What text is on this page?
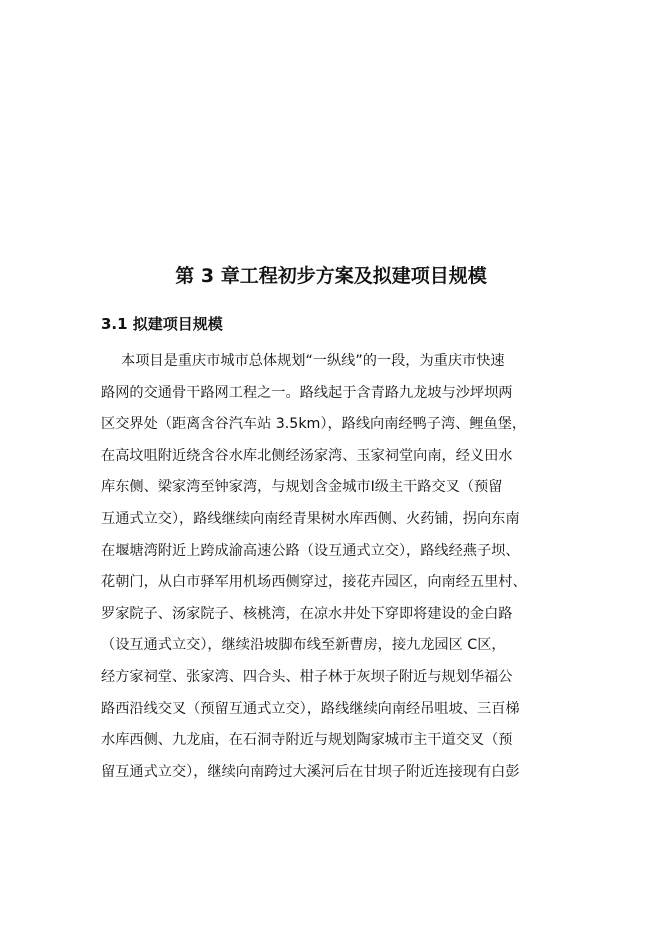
第 3 章工程初步方案及拟建项目规模
3.1 拟建项目规模
本项目是重庆市城市总体规划“一纵线”的一段，为重庆市快速
路网的交通骨干路网工程之一。路线起于含青路九龙坡与沙坪坝两
区交界处（距离含谷汽车站 3.5km），路线向南经鸭子湾、鲤鱼堡，
在高坟咀附近绕含谷水库北侧经汤家湾、玉家祠堂向南，经义田水
库东侧、梁家湾至钟家湾，与规划含金城市Ⅰ级主干路交叉（预留
互通式立交），路线继续向南经青果树水库西侧、火药铺，拐向东南
在堰塘湾附近上跨成渝高速公路（设互通式立交），路线经燕子坝、
花朝门，从白市驿军用机场西侧穿过，接花卉园区，向南经五里村、
罗家院子、汤家院子、核桃湾，在凉水井处下穿即将建设的金白路
（设互通式立交），继续沿坡脚布线至新曹房，接九龙园区 C区，
经方家祠堂、张家湾、四合头、柑子林于灰坝子附近与规划华福公
路西沿线交叉（预留互通式立交），路线继续向南经吊咀坡、三百梯
水库西侧、九龙庙，在石洞寺附近与规划陶家城市主干道交叉（预
留互通式立交），继续向南跨过大溪河后在甘坝子附近连接现有白彭
